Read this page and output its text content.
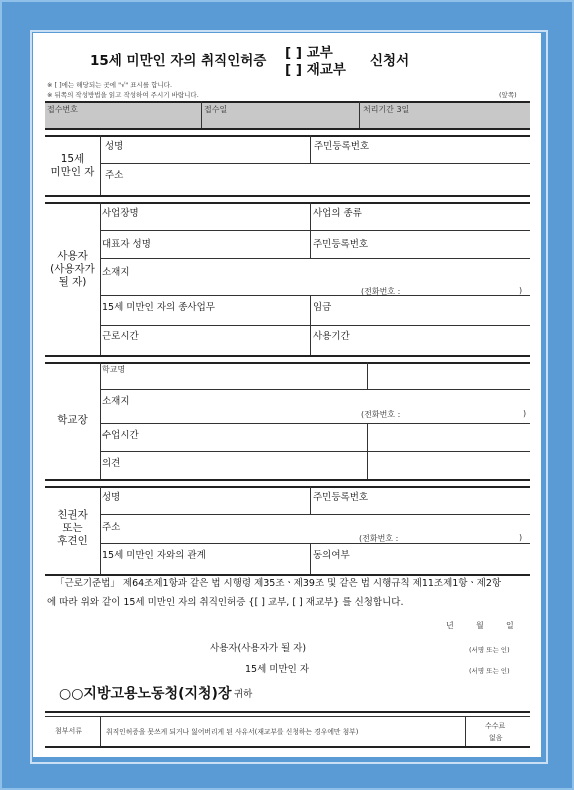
15세 미만인 자의 취직인허증 [ ] 교부
[ ] 재교부
신청서
※ [ ]에는 해당되는 곳에 "√" 표시를 합니다.
※ 뒤쪽의 작성방법을 읽고 작성하여 주시기 바랍니다.	(앞쪽)
접수번호	접수일	처리기간 3일
15세
미만인 자
성명	주민등록번호
주소
사용자
(사용자가
될 자)
사업장명	사업의 종류
대표자 성명	주민등록번호
소재지
(전화번호 :	)
15세 미만인 자의 종사업무	임금
근로시간	사용기간
학교장
학교명
소재지
(전화번호 :	)
수업시간
의견
친권자
또는
후견인
성명	주민등록번호
주소
(전화번호 :	)
15세 미만인 자와의 관계	동의여부
「근로기준법」 제64조제1항과 같은 법 시행령 제35조ㆍ제39조 및 같은 법 시행규칙 제11조제1항ㆍ제2항
에 따라 위와 같이 15세 미만인 자의 취직인허증 {[ ] 교부, [ ] 재교부} 를 신청합니다.
년	월	일
사용자(사용자가 될 자)	(서명 또는 인)
15세 미만인 자	(서명 또는 인)
○○지방고용노동청(지청)장 귀하
첨부서류	취직인허증을 못쓰게 되거나 잃어버리게 된 사유서(재교부를 신청하는 경우에만 첨부)
수수료
없음
